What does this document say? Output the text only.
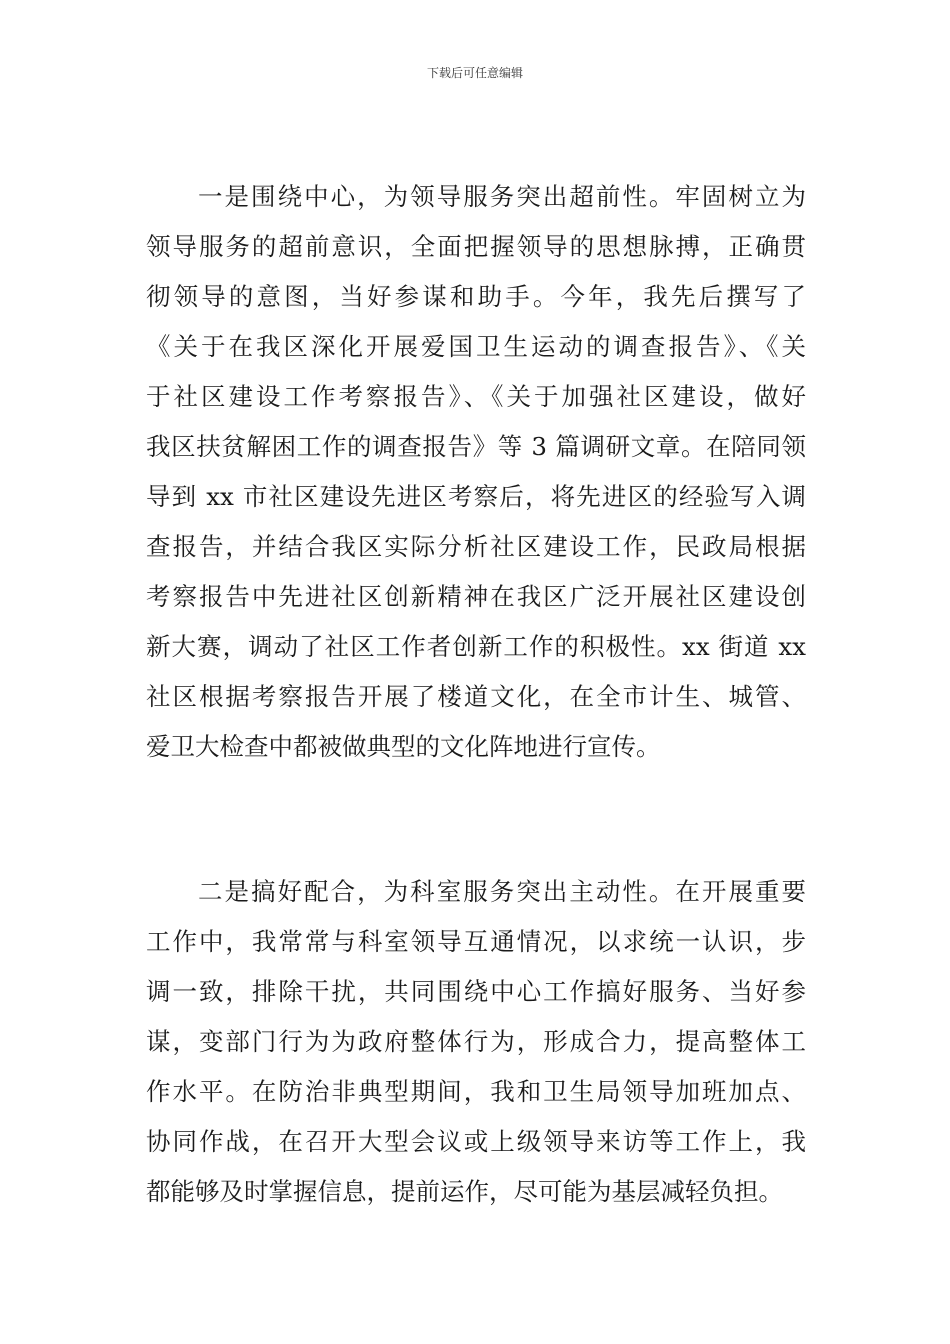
下载后可任意编辑
一是围绕中心，为领导服务突出超前性。牢固树立为
领导服务的超前意识，全面把握领导的思想脉搏，正确贯
彻领导的意图，当好参谋和助手。今年，我先后撰写了
《关于在我区深化开展爱国卫生运动的调查报告》、《关
于社区建设工作考察报告》、《关于加强社区建设，做好
我区扶贫解困工作的调查报告》等 3 篇调研文章。在陪同领
导到 xx 市社区建设先进区考察后，将先进区的经验写入调
查报告，并结合我区实际分析社区建设工作，民政局根据
考察报告中先进社区创新精神在我区广泛开展社区建设创
新大赛，调动了社区工作者创新工作的积极性。xx 街道 xx
社区根据考察报告开展了楼道文化，在全市计生、城管、
爱卫大检查中都被做典型的文化阵地进行宣传。
二是搞好配合，为科室服务突出主动性。在开展重要
工作中，我常常与科室领导互通情况，以求统一认识，步
调一致，排除干扰，共同围绕中心工作搞好服务、当好参
谋，变部门行为为政府整体行为，形成合力，提高整体工
作水平。在防治非典型期间，我和卫生局领导加班加点、
协同作战，在召开大型会议或上级领导来访等工作上，我
都能够及时掌握信息，提前运作，尽可能为基层减轻负担。
